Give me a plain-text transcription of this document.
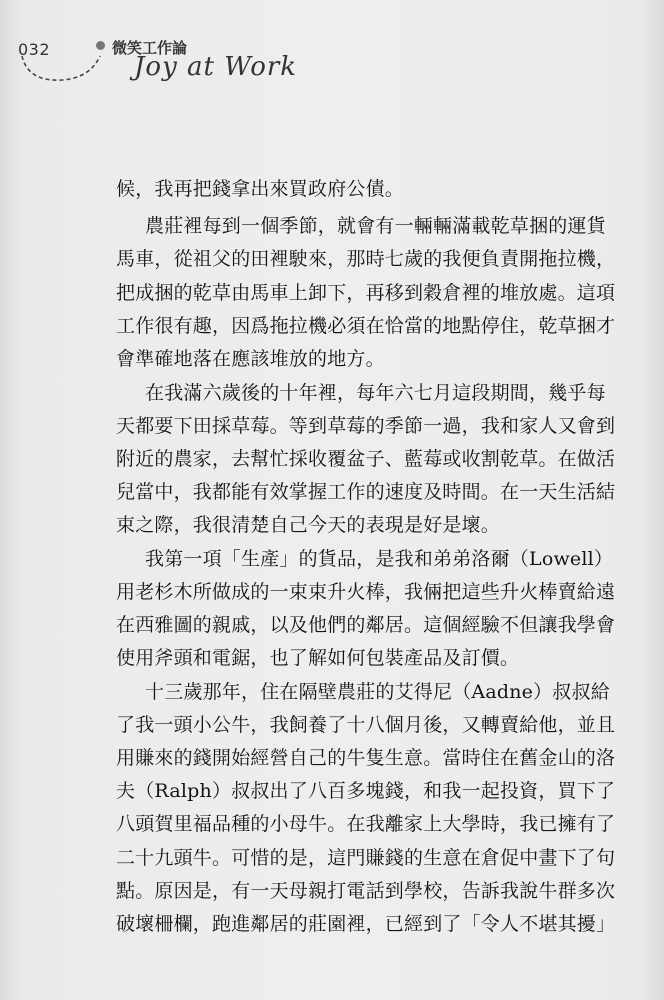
032	微笑工作論
Joy at Work
候，我再把錢拿出來買政府公債。
農莊裡每到一個季節，就會有一輛輛滿載乾草捆的運貨
馬車，從祖父的田裡駛來，那時七歲的我便負責開拖拉機，
把成捆的乾草由馬車上卸下，再移到穀倉裡的堆放處。這項
工作很有趣，因爲拖拉機必須在恰當的地點停住，乾草捆才
會準確地落在應該堆放的地方。
在我滿六歲後的十年裡，每年六七月這段期間，幾乎每
天都要下田採草莓。等到草莓的季節一過，我和家人又會到
附近的農家，去幫忙採收覆盆子、藍莓或收割乾草。在做活
兒當中，我都能有效掌握工作的速度及時間。在一天生活結
束之際，我很清楚自己今天的表現是好是壞。
我第一項「生產」的貨品，是我和弟弟洛爾（Lowell）
用老杉木所做成的一束束升火棒，我倆把這些升火棒賣給遠
在西雅圖的親戚，以及他們的鄰居。這個經驗不但讓我學會
使用斧頭和電鋸，也了解如何包裝產品及訂價。
十三歲那年，住在隔壁農莊的艾得尼（Aadne）叔叔給
了我一頭小公牛，我飼養了十八個月後，又轉賣給他，並且
用賺來的錢開始經營自己的牛隻生意。當時住在舊金山的洛
夫（Ralph）叔叔出了八百多塊錢，和我一起投資，買下了
八頭賀里福品種的小母牛。在我離家上大學時，我已擁有了
二十九頭牛。可惜的是，這門賺錢的生意在倉促中畫下了句
點。原因是，有一天母親打電話到學校，告訴我說牛群多次
破壞柵欄，跑進鄰居的莊園裡，已經到了「令人不堪其擾」
